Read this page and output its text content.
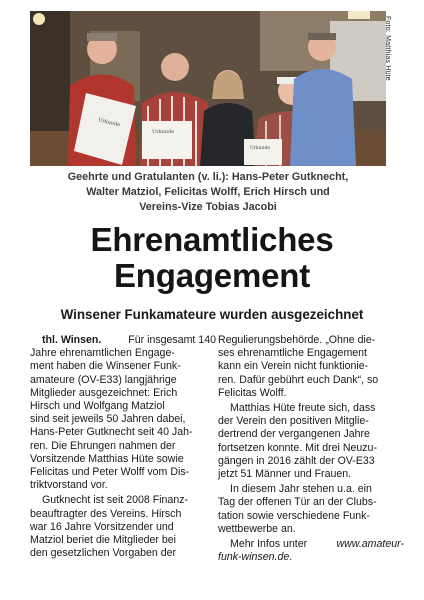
Urkunde
Urkunde
Urkunde
Foto: Matthias Hüte
Geehrte und Gratulanten (v. li.): Hans-Peter Gutknecht,
Walter Matziol, Felicitas Wolff, Erich Hirsch und
Vereins-Vize Tobias Jacobi
Ehrenamtliches
Engagement
Winsener Funkamateure wurden ausgezeichnet
thl. Winsen.	Für insgesamt 140
Jahre ehrenamtlichen Engage-
ment haben die Winsener Funk-
amateure (OV-E33) langjährige
Mitglieder ausgezeichnet: Erich
Hirsch und Wolfgang Matziol
sind seit jeweils 50 Jahren dabei,
Hans-Peter Gutknecht seit 40 Jah-
ren. Die Ehrungen nahmen der
Vorsitzende Matthias Hüte sowie
Felicitas und Peter Wolff vom Dis-
triktvorstand vor.
Gutknecht ist seit 2008 Finanz-
beauftragter des Vereins. Hirsch
war 16 Jahre Vorsitzender und
Matziol beriet die Mitglieder bei
den gesetzlichen Vorgaben der
Regulierungsbehörde. „Ohne die-
ses ehrenamtliche Engagement
kann ein Verein nicht funktionie-
ren. Dafür gebührt euch Dank“, so
Felicitas Wolff.
Matthias Hüte freute sich, dass
der Verein den positiven Mitglie-
dertrend der vergangenen Jahre
fortsetzen konnte. Mit drei Neuzu-
gängen in 2016 zählt der OV-E33
jetzt 51 Männer und Frauen.
In diesem Jahr stehen u.a. ein
Tag der offenen Tür an der Clubs-
tation sowie verschiedene Funk-
wettbewerbe an.
Mehr Infos unter	www.amateur-
funk-winsen.de .
